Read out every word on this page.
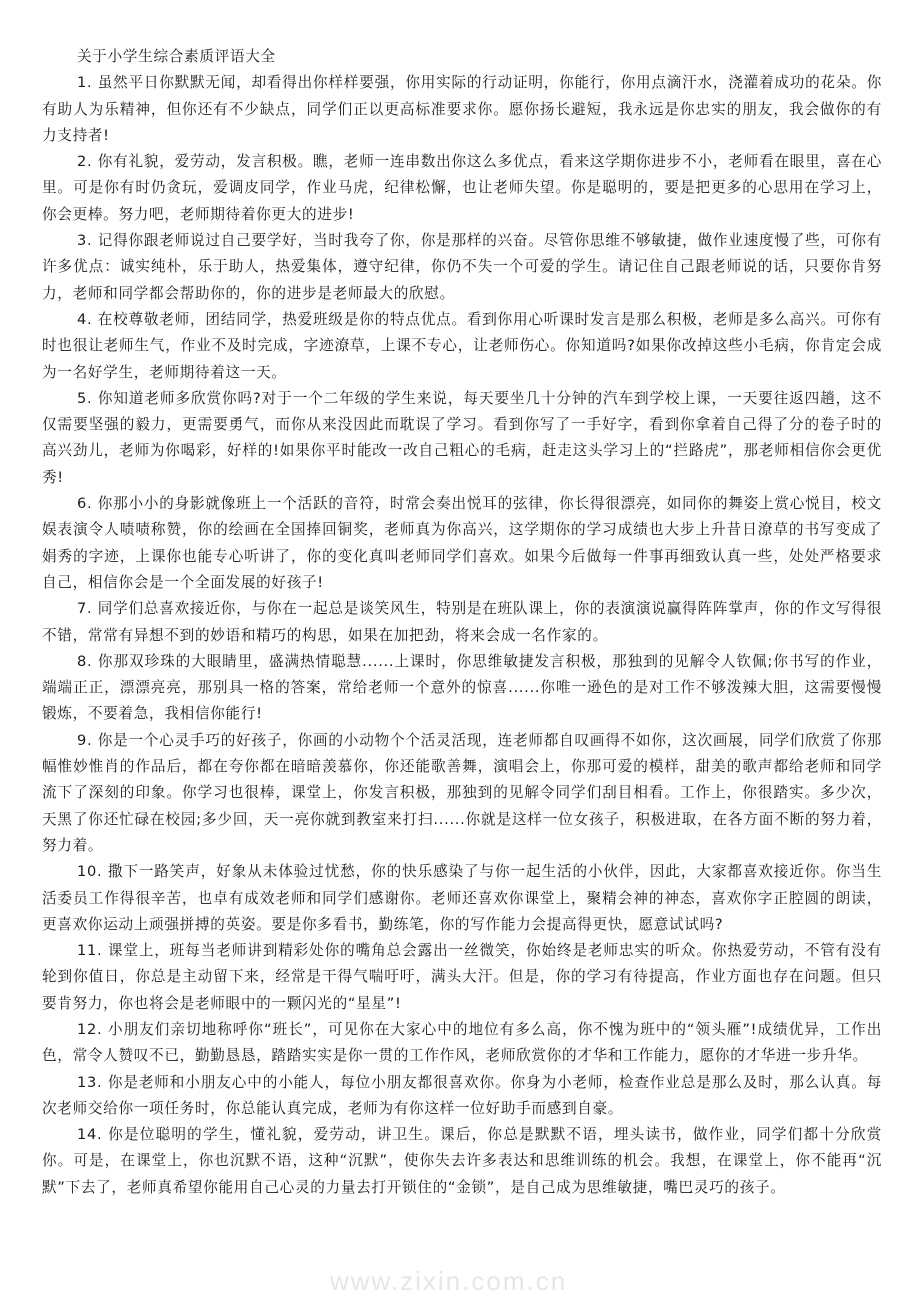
关于小学生综合素质评语大全

1. 虽然平日你默默无闻，却看得出你样样要强，你用实际的行动证明，你能行，你用点滴汗水，浇灌着成功的花朵。你有助人为乐精神，但你还有不少缺点，同学们正以更高标准要求你。愿你扬长避短，我永远是你忠实的朋友，我会做你的有力支持者!

2. 你有礼貌，爱劳动，发言积极。瞧，老师一连串数出你这么多优点，看来这学期你进步不小，老师看在眼里，喜在心里。可是你有时仍贪玩，爱调皮同学，作业马虎，纪律松懈，也让老师失望。你是聪明的，要是把更多的心思用在学习上，你会更棒。努力吧，老师期待着你更大的进步!

3. 记得你跟老师说过自己要学好，当时我夸了你，你是那样的兴奋。尽管你思维不够敏捷，做作业速度慢了些，可你有许多优点：诚实纯朴，乐于助人，热爱集体，遵守纪律，你仍不失一个可爱的学生。请记住自己跟老师说的话，只要你肯努力，老师和同学都会帮助你的，你的进步是老师最大的欣慰。

4. 在校尊敬老师，团结同学，热爱班级是你的特点优点。看到你用心听课时发言是那么积极，老师是多么高兴。可你有时也很让老师生气，作业不及时完成，字迹潦草，上课不专心，让老师伤心。你知道吗?如果你改掉这些小毛病，你肯定会成为一名好学生，老师期待着这一天。

5. 你知道老师多欣赏你吗?对于一个二年级的学生来说，每天要坐几十分钟的汽车到学校上课，一天要往返四趟，这不仅需要坚强的毅力，更需要勇气，而你从来没因此而耽误了学习。看到你写了一手好字，看到你拿着自己得了分的卷子时的高兴劲儿，老师为你喝彩，好样的!如果你平时能改一改自己粗心的毛病，赶走这头学习上的“拦路虎”，那老师相信你会更优秀!

6. 你那小小的身影就像班上一个活跃的音符，时常会奏出悦耳的弦律，你长得很漂亮，如同你的舞姿上赏心悦目，校文娱表演令人啧啧称赞，你的绘画在全国捧回铜奖，老师真为你高兴，这学期你的学习成绩也大步上升昔日潦草的书写变成了娟秀的字迹，上课你也能专心听讲了，你的变化真叫老师同学们喜欢。如果今后做每一件事再细致认真一些，处处严格要求自己，相信你会是一个全面发展的好孩子!

7. 同学们总喜欢接近你，与你在一起总是谈笑风生，特别是在班队课上，你的表演演说赢得阵阵掌声，你的作文写得很不错，常常有异想不到的妙语和精巧的构思，如果在加把劲，将来会成一名作家的。

8. 你那双珍珠的大眼睛里，盛满热情聪慧......上课时，你思维敏捷发言积极，那独到的见解令人钦佩;你书写的作业，端端正正，漂漂亮亮，那别具一格的答案，常给老师一个意外的惊喜......你唯一逊色的是对工作不够泼辣大胆，这需要慢慢锻炼，不要着急，我相信你能行!

9. 你是一个心灵手巧的好孩子，你画的小动物个个活灵活现，连老师都自叹画得不如你，这次画展，同学们欣赏了你那幅惟妙惟肖的作品后，都在夸你都在暗暗羡慕你，你还能歌善舞，演唱会上，你那可爱的模样，甜美的歌声都给老师和同学流下了深刻的印象。你学习也很棒，课堂上，你发言积极，那独到的见解令同学们刮目相看。工作上，你很踏实。多少次，天黑了你还忙碌在校园;多少回，天一亮你就到教室来打扫......你就是这样一位女孩子，积极进取，在各方面不断的努力着，努力着。

10. 撒下一路笑声，好象从未体验过忧愁，你的快乐感染了与你一起生活的小伙伴，因此，大家都喜欢接近你。你当生活委员工作得很辛苦，也卓有成效老师和同学们感谢你。老师还喜欢你课堂上，聚精会神的神态，喜欢你字正腔圆的朗读，更喜欢你运动上顽强拼搏的英姿。要是你多看书，勤练笔，你的写作能力会提高得更快，愿意试试吗?

11. 课堂上，班每当老师讲到精彩处你的嘴角总会露出一丝微笑，你始终是老师忠实的听众。你热爱劳动，不管有没有轮到你值日，你总是主动留下来，经常是干得气喘吁吁，满头大汗。但是，你的学习有待提高，作业方面也存在问题。但只要肯努力，你也将会是老师眼中的一颗闪光的“星星”!

12. 小朋友们亲切地称呼你“班长”，可见你在大家心中的地位有多么高，你不愧为班中的“领头雁”!成绩优异，工作出色，常令人赞叹不已，勤勤恳恳，踏踏实实是你一贯的工作作风，老师欣赏你的才华和工作能力，愿你的才华进一步升华。

13. 你是老师和小朋友心中的小能人，每位小朋友都很喜欢你。你身为小老师，检查作业总是那么及时，那么认真。每次老师交给你一项任务时，你总能认真完成，老师为有你这样一位好助手而感到自豪。

14. 你是位聪明的学生，懂礼貌，爱劳动，讲卫生。课后，你总是默默不语，埋头读书，做作业，同学们都十分欣赏你。可是，在课堂上，你也沉默不语，这种“沉默”，使你失去许多表达和思维训练的机会。我想，在课堂上，你不能再“沉默”下去了，老师真希望你能用自己心灵的力量去打开锁住的“金锁”，是自己成为思维敏捷，嘴巴灵巧的孩子。

www.zixin.com.cn
